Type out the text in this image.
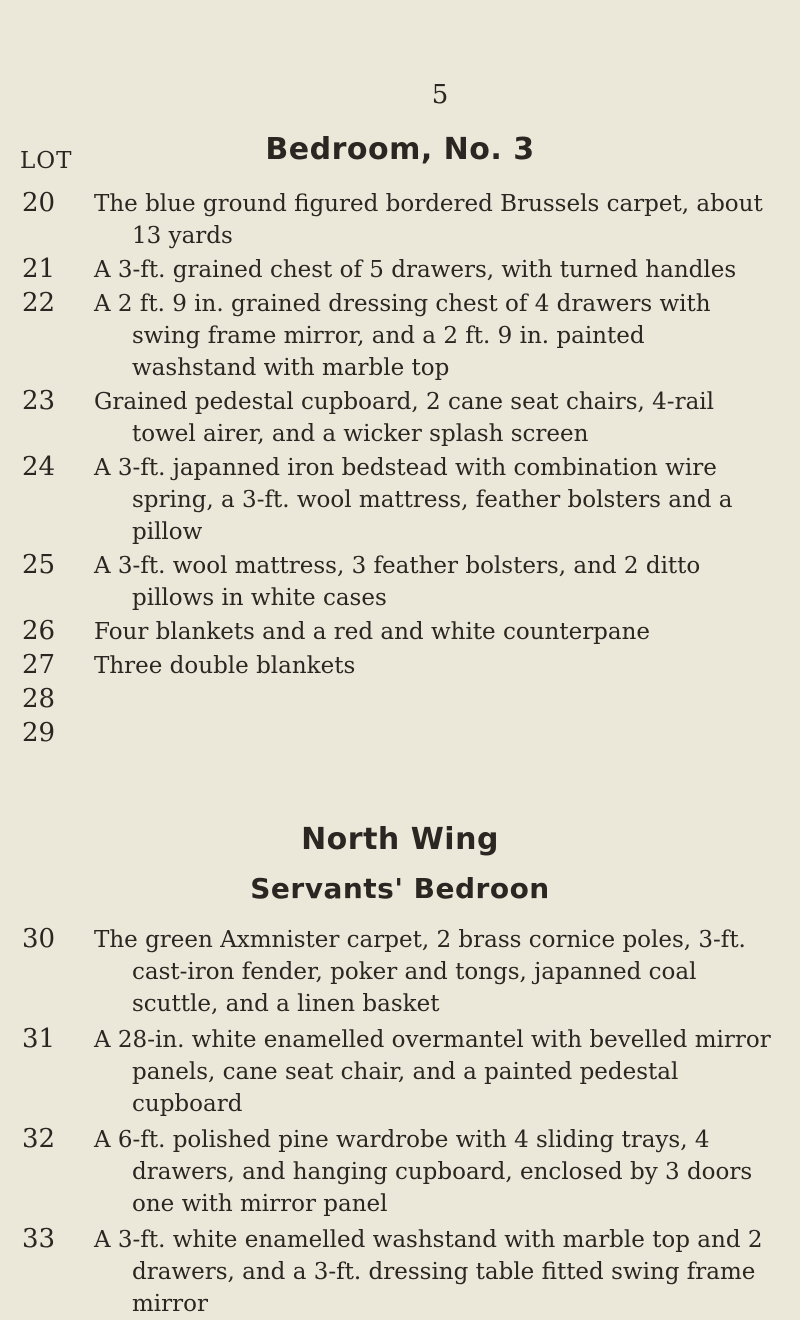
5
Bedroom, No. 3
LOT
20	The blue ground figured bordered Brussels carpet, about 13 yards
21	A 3-ft. grained chest of 5 drawers, with turned handles
22	A 2 ft. 9 in. grained dressing chest of 4 drawers with swing frame mirror, and a 2 ft. 9 in. painted washstand with marble top
23	Grained pedestal cupboard, 2 cane seat chairs, 4-rail towel airer, and a wicker splash screen
24	A 3-ft. japanned iron bedstead with combination wire spring, a 3-ft. wool mattress, feather bolsters and a pillow
25	A 3-ft. wool mattress, 3 feather bolsters, and 2 ditto pillows in white cases
26	Four blankets and a red and white counterpane
27	Three double blankets
28
29
North Wing
Servants' Bedroon
30	The green Axmnister carpet, 2 brass cornice poles, 3-ft. cast-iron fender, poker and tongs, japanned coal scuttle, and a linen basket
31	A 28-in. white enamelled overmantel with bevelled mirror panels, cane seat chair, and a painted pedestal cupboard
32	A 6-ft. polished pine wardrobe with 4 sliding trays, 4 drawers, and hanging cupboard, enclosed by 3 doors one with mirror panel
33	A 3-ft. white enamelled washstand with marble top and 2 drawers, and a 3-ft. dressing table fitted swing frame mirror
